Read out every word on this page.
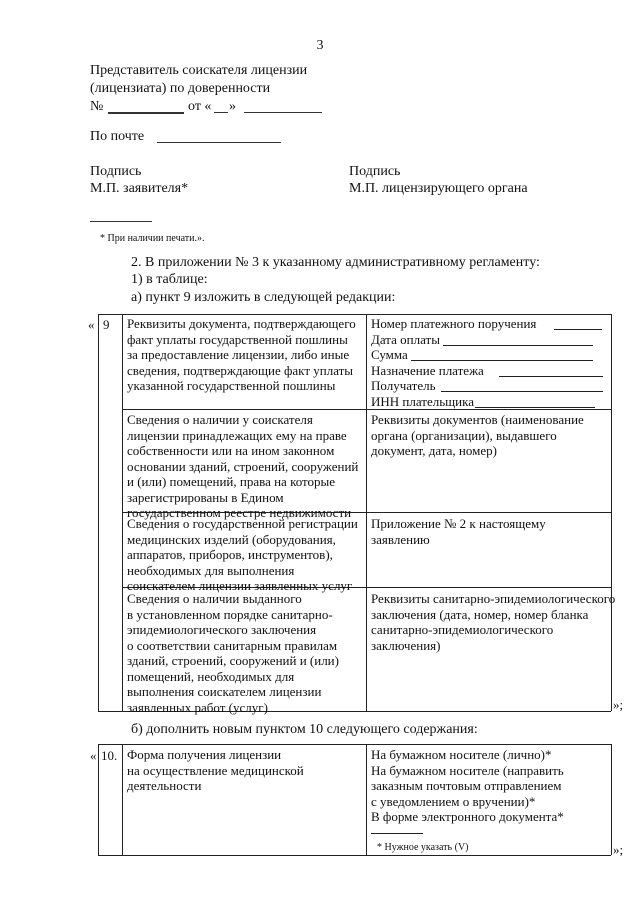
3
Представитель соискателя лицензии
(лицензиата) по доверенности
№	от « »
По почте
Подпись
М.П. заявителя*
Подпись
М.П. лицензирующего органа
* При наличии печати.».
2. В приложении № 3 к указанному административному регламенту:
1) в таблице:
а) пункт 9 изложить в следующей редакции:
« 9
»;
Реквизиты документа, подтверждающего
факт уплаты государственной пошлины
за предоставление лицензии, либо иные
сведения, подтверждающие факт уплаты
указанной государственной пошлины
Номер платежного поручения
Дата оплаты
Сумма
Назначение платежа
Получатель
ИНН плательщика
Сведения о наличии у соискателя
лицензии принадлежащих ему на праве
собственности или на ином законном
основании зданий, строений, сооружений
и (или) помещений, права на которые
зарегистрированы в Едином
государственном реестре недвижимости
Реквизиты документов (наименование
органа (организации), выдавшего
документ, дата, номер)
Сведения о государственной регистрации
медицинских изделий (оборудования,
аппаратов, приборов, инструментов),
необходимых для выполнения
соискателем лицензии заявленных услуг
Приложение № 2 к настоящему
заявлению
Сведения о наличии выданного
в установленном порядке санитарно-
эпидемиологического заключения
о соответствии санитарным правилам
зданий, строений, сооружений и (или)
помещений, необходимых для
выполнения соискателем лицензии
заявленных работ (услуг)
Реквизиты санитарно-эпидемиологического
заключения (дата, номер, номер бланка
санитарно-эпидемиологического
заключения)
б) дополнить новым пунктом 10 следующего содержания:
« 10.
»;
Форма получения лицензии
на осуществление медицинской
деятельности
На бумажном носителе (лично)*
На бумажном носителе (направить
заказным почтовым отправлением
с уведомлением о вручении)*
В форме электронного документа*
* Нужное указать (V)
